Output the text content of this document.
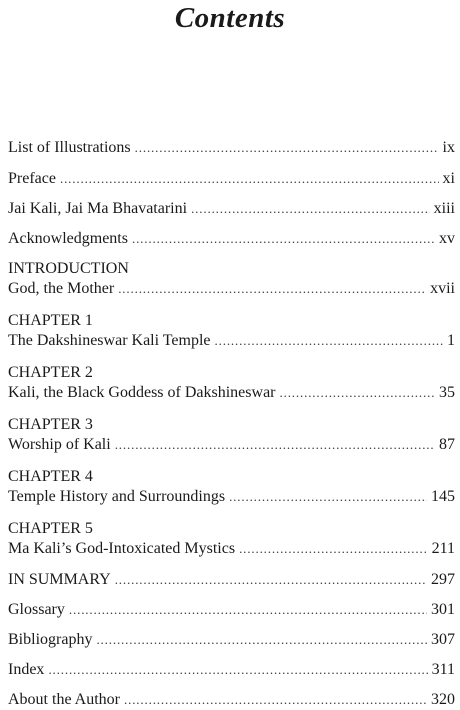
Contents
List of Illustrations . . .	ix
Preface . . .	xi
Jai Kali, Jai Ma Bhavatarini . . .	xiii
Acknowledgments . . .	xv
INTRODUCTION
God, the Mother . . .	xvii
CHAPTER 1
The Dakshineswar Kali Temple . . .	1
CHAPTER 2
Kali, the Black Goddess of Dakshineswar . . .	35
CHAPTER 3
Worship of Kali . . .	87
CHAPTER 4
Temple History and Surroundings . . .	145
CHAPTER 5
Ma Kali’s God-Intoxicated Mystics . . .	211
IN SUMMARY . . .	297
Glossary . . .	301
Bibliography . . .	307
Index . . .	311
About the Author . . .	320
